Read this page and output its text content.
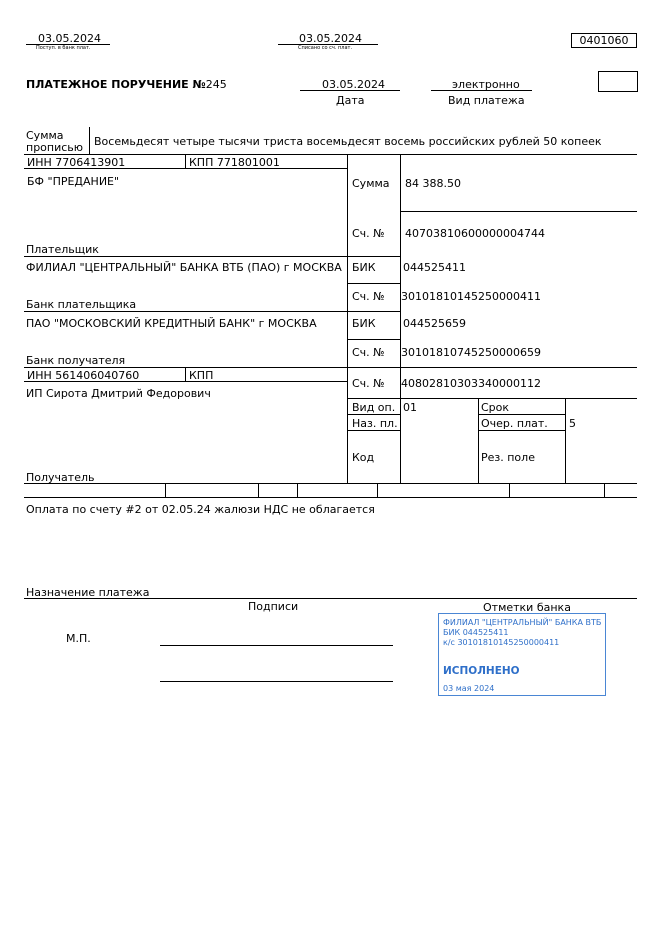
03.05.2024
Поступ. в банк плат.
03.05.2024
Списано со сч. плат.
0401060
ПЛАТЕЖНОЕ ПОРУЧЕНИЕ №245	03.05.2024
Дата
электронно
Вид платежа
Сумма
прописью Восемьдесят четыре тысячи триста восемьдесят восемь российских рублей 50 копеек
ИНН 7706413901	КПП 771801001
БФ "ПРЕДАНИЕ"
Плательщик
Сумма 84 388.50
Сч. № 40703810600000004744
ФИЛИАЛ "ЦЕНТРАЛЬНЫЙ" БАНКА ВТБ (ПАО) г МОСКВА
Банк плательщика
БИК 044525411
Сч. № 30101810145250000411
ПАО "МОСКОВСКИЙ КРЕДИТНЫЙ БАНК" г МОСКВА
Банк получателя
БИК 044525659
Сч. № 30101810745250000659
ИНН 561406040760	КПП
ИП Сирота Дмитрий Федорович
Получатель
Сч. № 40802810303340000112
Вид оп. 01	Срок
Наз. пл.	Очер. плат. 5
Код	Рез. поле
Оплата по счету #2 от 02.05.24 жалюзи НДС не облагается
Назначение платежа
Подписи	Отметки банка
М.П.
ФИЛИАЛ "ЦЕНТРАЛЬНЫЙ" БАНКА ВТБ
БИК 044525411
к/с 30101810145250000411
ИСПОЛНЕНО
03 мая 2024
